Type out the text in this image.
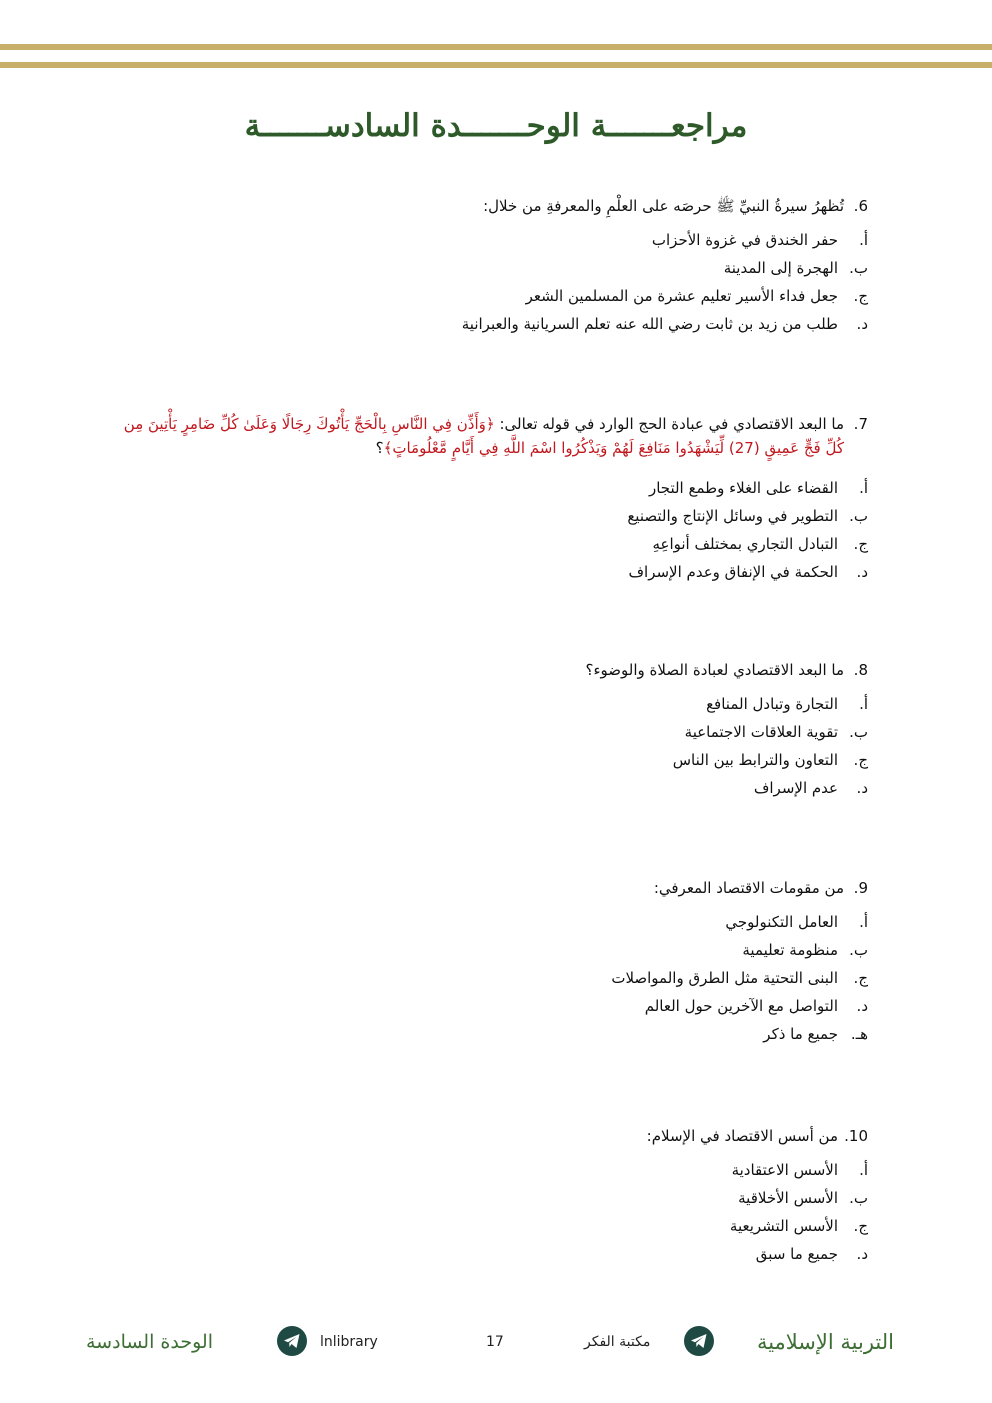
مراجعـــــــة الوحـــــــدة السادســـــــة
6.
تُظهرُ سيرةُ النبيِّ ﷺ حرصَه على العلْمِ والمعرفةِ من خلال:
أ.
حفر الخندق في غزوة الأحزاب
ب.
الهجرة إلى المدينة
ج.
جعل فداء الأسير تعليم عشرة من المسلمين الشعر
د.
طلب من زيد بن ثابت رضي الله عنه تعلم السريانية والعبرانية
7.
ما البعد الاقتصادي في عبادة الحج الوارد في قوله تعالى: ﴿وَأَذِّن فِي النَّاسِ بِالْحَجِّ يَأْتُوكَ رِجَالًا وَعَلَىٰ كُلِّ ضَامِرٍ يَأْتِينَ مِن كُلِّ فَجٍّ عَمِيقٍ (27) لِّيَشْهَدُوا مَنَافِعَ لَهُمْ وَيَذْكُرُوا اسْمَ اللَّهِ فِي أَيَّامٍ مَّعْلُومَاتٍ﴾؟
أ.
القضاء على الغلاء وطمع التجار
ب.
التطوير في وسائل الإنتاج والتصنيع
ج.
التبادل التجاري بمختلف أنواعِهِ
د.
الحكمة في الإنفاق وعدم الإسراف
8.
ما البعد الاقتصادي لعبادة الصلاة والوضوء؟
أ.
التجارة وتبادل المنافع
ب.
تقوية العلاقات الاجتماعية
ج.
التعاون والترابط بين الناس
د.
عدم الإسراف
9.
من مقومات الاقتصاد المعرفي:
أ.
العامل التكنولوجي
ب.
منظومة تعليمية
ج.
البنى التحتية مثل الطرق والمواصلات
د.
التواصل مع الآخرين حول العالم
هـ.
جميع ما ذكر
10.
من أسس الاقتصاد في الإسلام:
أ.
الأسس الاعتقادية
ب.
الأسس الأخلاقية
ج.
الأسس التشريعية
د.
جميع ما سبق
التربية الإسلامية
مكتبة الفكر
17
lnlibrary
الوحدة السادسة
